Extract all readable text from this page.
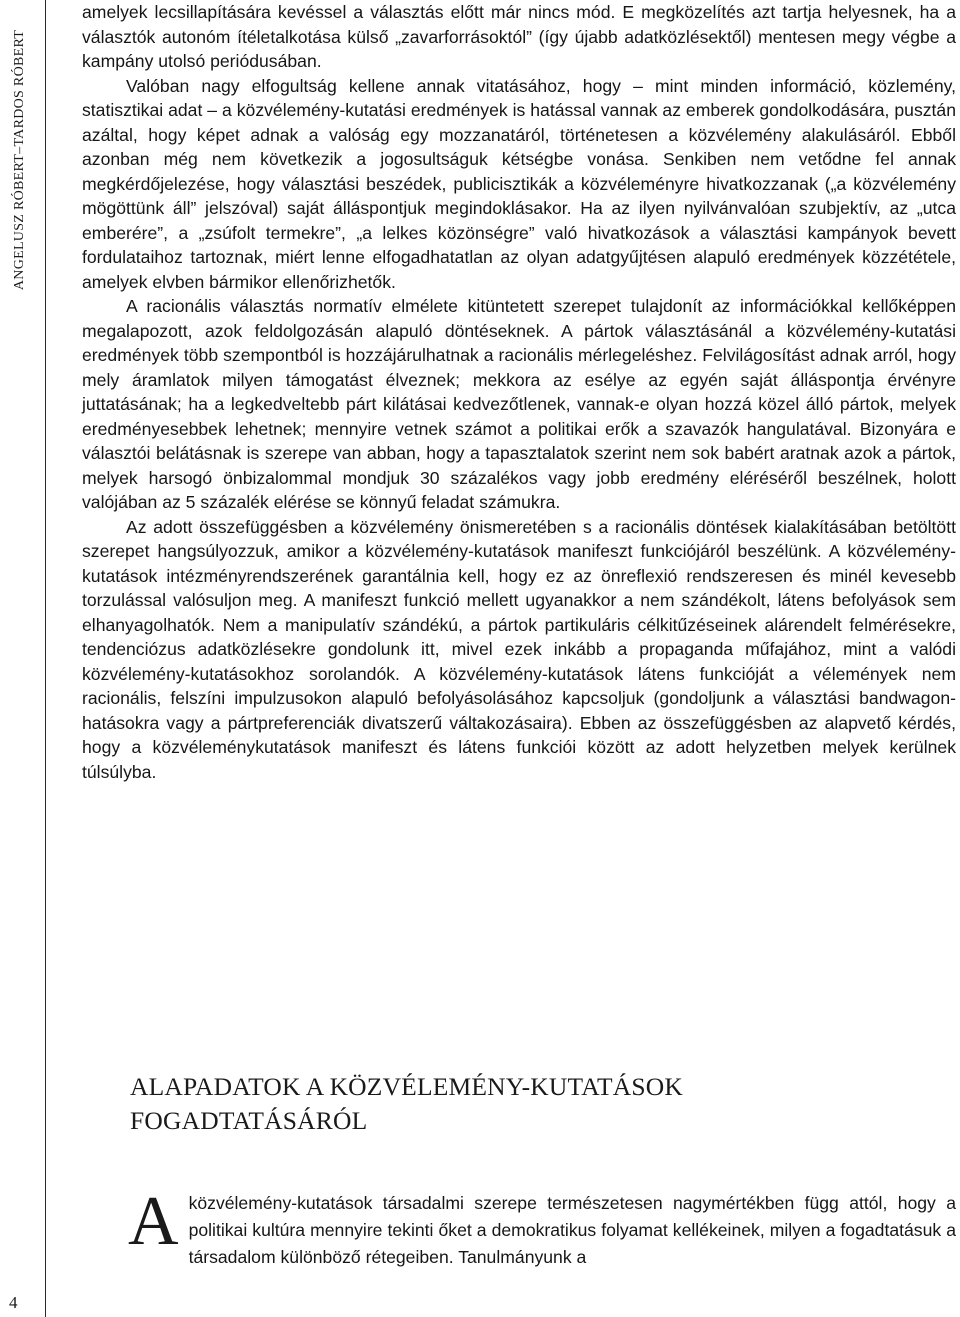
ANGELUSZ RÓBERT–TARDOS RÓBERT
4

amelyek lecsillapítására kevéssel a választás előtt már nincs mód. E megközelítés azt tartja helyesnek, ha a választók autonóm ítéletalkotása külső „zavarforrásoktól” (így újabb adatközlésektől) mentesen megy végbe a kampány utolsó periódusában.

Valóban nagy elfogultság kellene annak vitatásához, hogy – mint minden információ, közlemény, statisztikai adat – a közvélemény-kutatási eredmények is hatással vannak az emberek gondolkodására, pusztán azáltal, hogy képet adnak a valóság egy mozzanatáról, történetesen a közvélemény alakulásáról. Ebből azonban még nem következik a jogosultságuk kétségbe vonása. Senkiben nem vetődne fel annak megkérdőjelezése, hogy választási beszédek, publicisztikák a közvéleményre hivatkozzanak („a közvélemény mögöttünk áll” jelszóval) saját álláspontjuk megindoklásakor. Ha az ilyen nyilvánvalóan szubjektív, az „utca emberére”, a „zsúfolt termekre”, „a lelkes közönségre” való hivatkozások a választási kampányok bevett fordulataihoz tartoznak, miért lenne elfogadhatatlan az olyan adatgyűjtésen alapuló eredmények közzététele, amelyek elvben bármikor ellenőrizhetők.

A racionális választás normatív elmélete kitüntetett szerepet tulajdonít az információkkal kellőképpen megalapozott, azok feldolgozásán alapuló döntéseknek. A pártok választásánál a közvélemény-kutatási eredmények több szempontból is hozzájárulhatnak a racionális mérlegeléshez. Felvilágosítást adnak arról, hogy mely áramlatok milyen támogatást élveznek; mekkora az esélye az egyén saját álláspontja érvényre juttatásának; ha a legkedveltebb párt kilátásai kedvezőtlenek, vannak-e olyan hozzá közel álló pártok, melyek eredményesebbek lehetnek; mennyire vetnek számot a politikai erők a szavazók hangulatával. Bizonyára e választói belátásnak is szerepe van abban, hogy a tapasztalatok szerint nem sok babért aratnak azok a pártok, melyek harsogó önbizalommal mondjuk 30 százalékos vagy jobb eredmény eléréséről beszélnek, holott valójában az 5 százalék elérése se könnyű feladat számukra.

Az adott összefüggésben a közvélemény önismeretében s a racionális döntések kialakításában betöltött szerepet hangsúlyozzuk, amikor a közvélemény-kutatások manifeszt funkciójáról beszélünk. A közvélemény-kutatások intézményrendszerének garantálnia kell, hogy ez az önreflexió rendszeresen és minél kevesebb torzulással valósuljon meg. A manifeszt funkció mellett ugyanakkor a nem szándékolt, látens befolyások sem elhanyagolhatók. Nem a manipulatív szándékú, a pártok partikuláris célkitűzéseinek alárendelt felmérésekre, tendenciózus adatközlésekre gondolunk itt, mivel ezek inkább a propaganda műfajához, mint a valódi közvélemény-kutatásokhoz sorolandók. A közvélemény-kutatások látens funkcióját a vélemények nem racionális, felszíni impulzusokon alapuló befolyásolásához kapcsoljuk (gondoljunk a választási bandwagon-hatásokra vagy a pártpreferenciák divatszerű váltakozásaira). Ebben az összefüggésben az alapvető kérdés, hogy a közvéleménykutatások manifeszt és látens funkciói között az adott helyzetben melyek kerülnek túlsúlyba.

ALAPADATOK A KÖZVÉLEMÉNY-KUTATÁSOK
FOGADTATÁSÁRÓL

A közvélemény-kutatások társadalmi szerepe természetesen nagymértékben függ attól, hogy a politikai kultúra mennyire tekinti őket a demokratikus folyamat kellékeinek, milyen a fogadtatásuk a társadalom különböző rétegeiben. Tanulmányunk a
